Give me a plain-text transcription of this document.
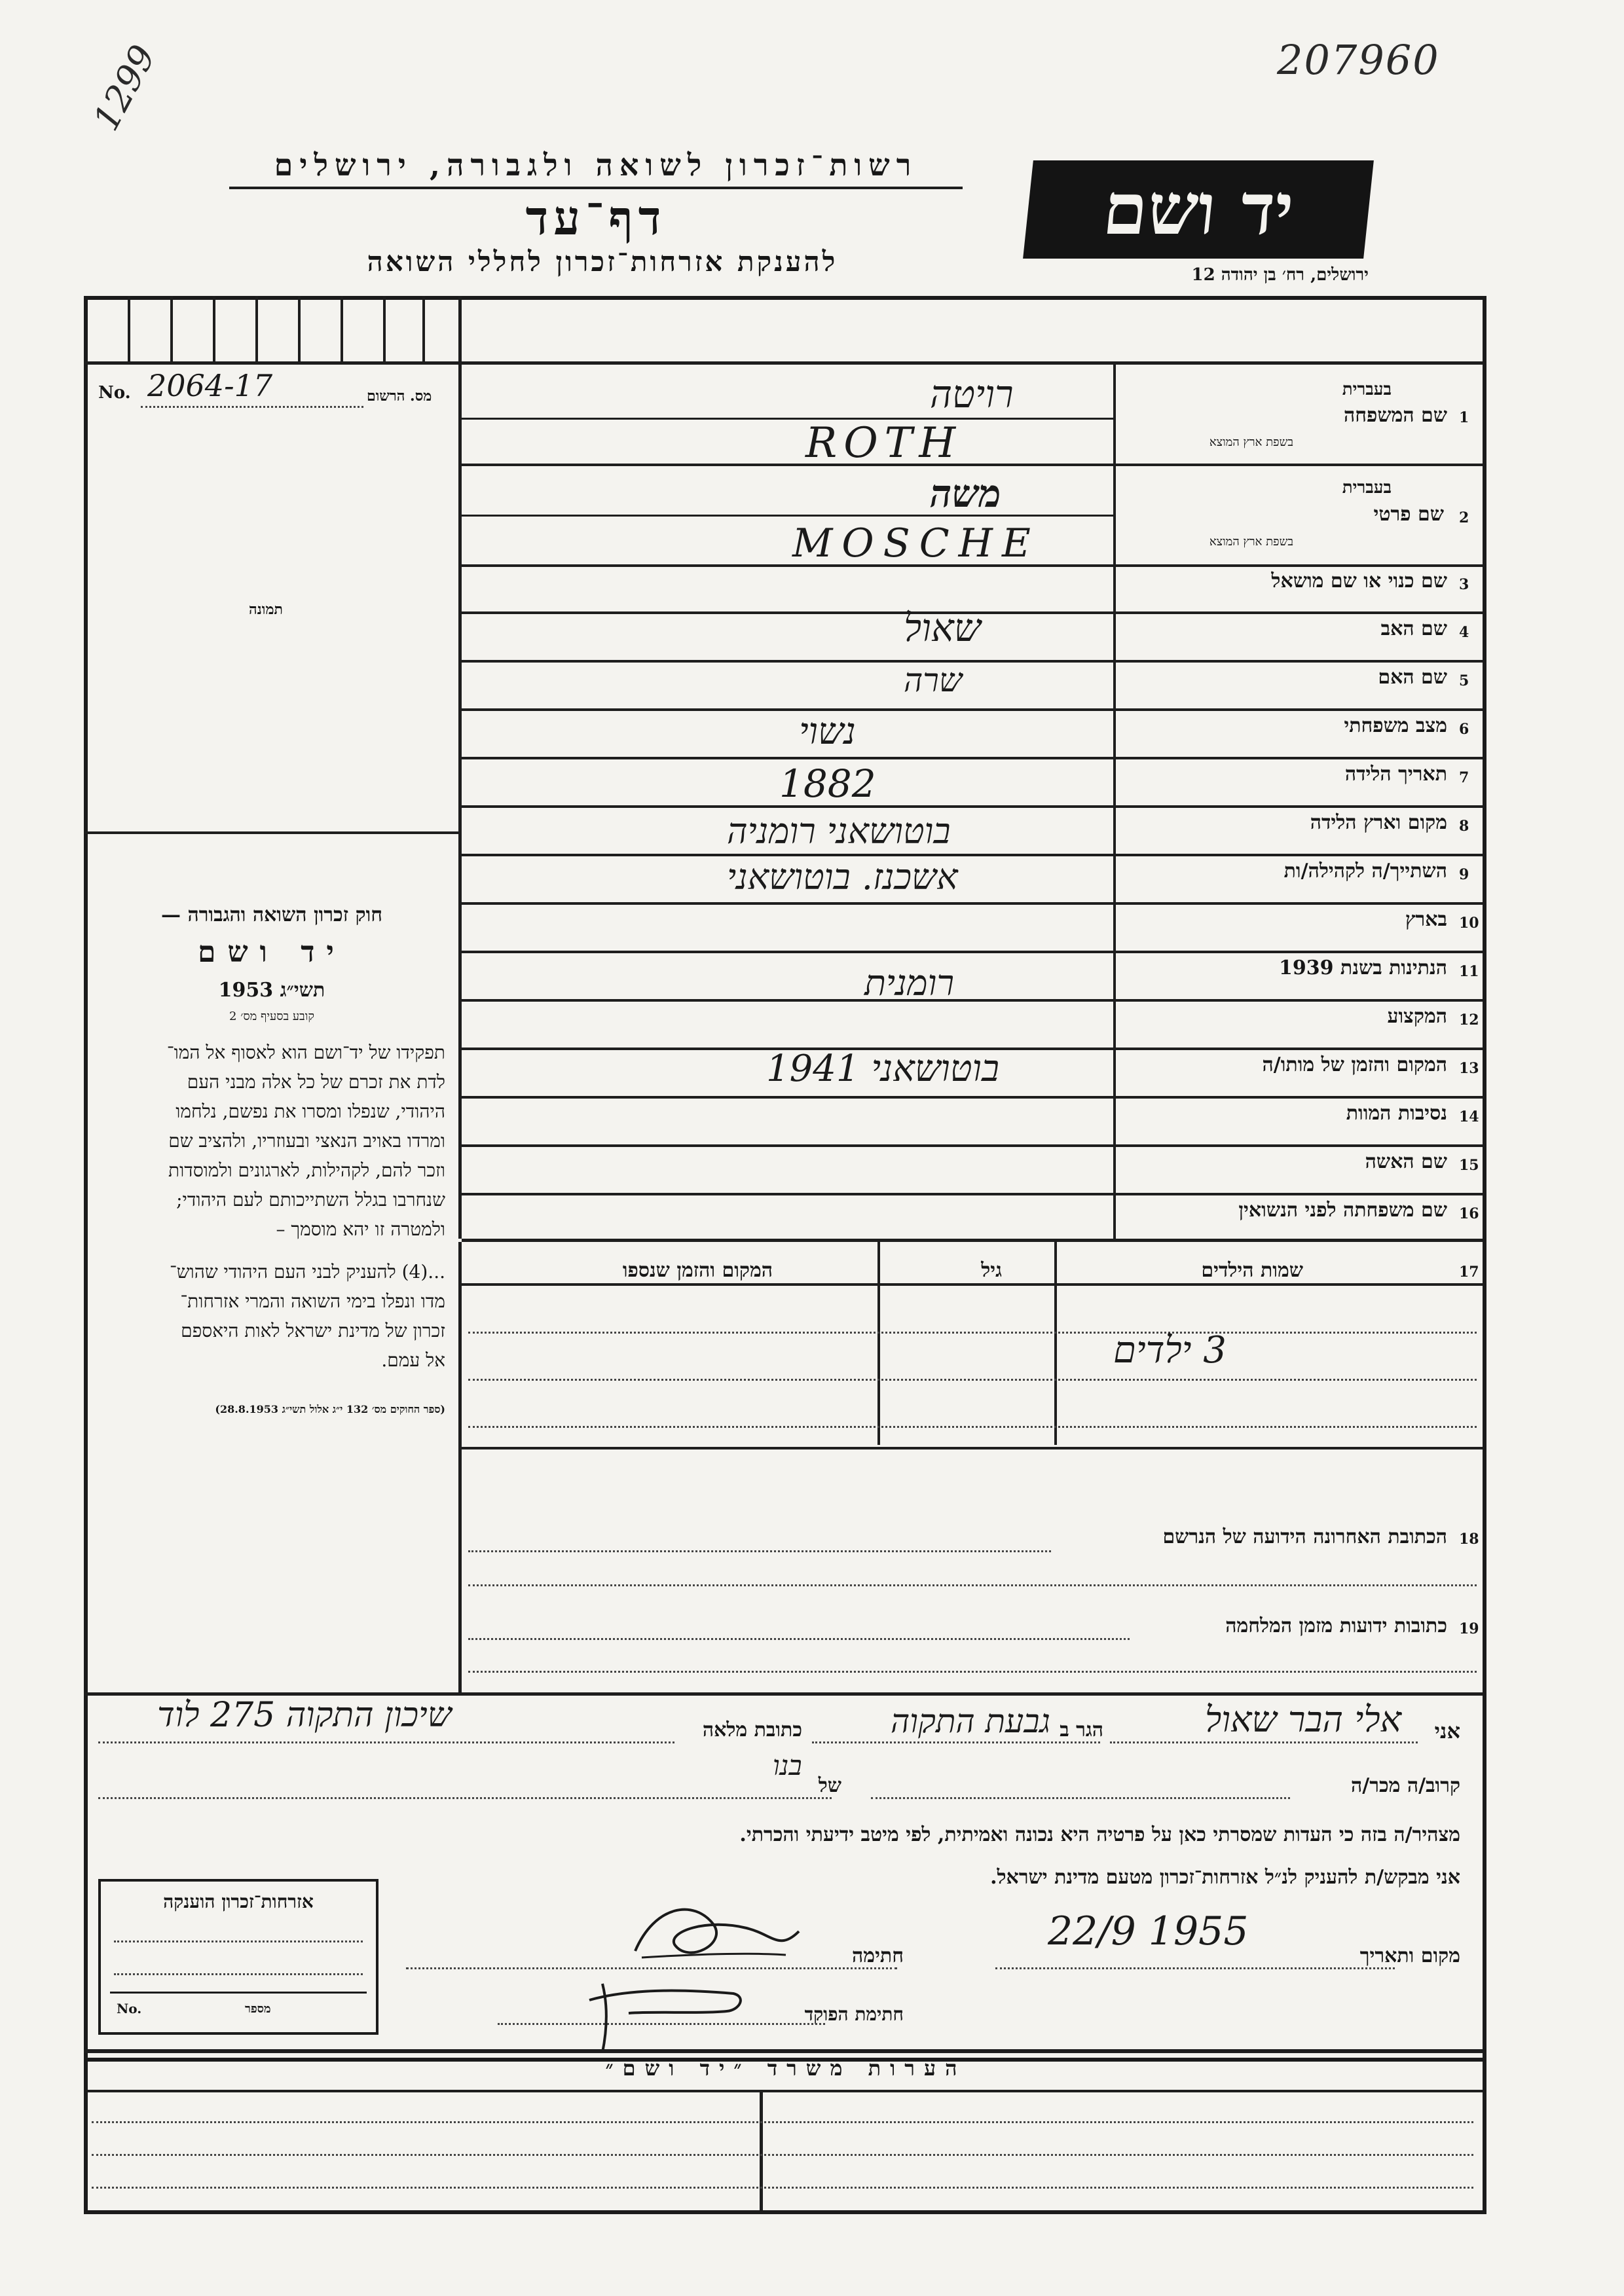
207960
1299
רשות־זכרון לשואה ולגבורה, ירושלים
דף־עד
להענקת אזרחות־זכרון לחללי השואה
יד ושם
ירושלים, רח׳ בן יהודה 12
No. 2064-17	מס. הרשום
תמונה
חוק זכרון השואה והגבורה —
יד ושם
תשי״ג 1953
קובע בסעיף מס׳ 2
תפקידו של יד־ושם הוא לאסוף אל המו־
לדת את זכרם של כל אלה מבני העם
היהודי, שנפלו ומסרו את נפשם, נלחמו
ומרדו באויב הנאצי ובעוזריו, ולהציב שם
וזכר להם, לקהילות, לארגונים ולמוסדות
שנחרבו בגלל השתייכותם לעם היהודי;
ולמטרה זו יהא מוסמך –
...(4) להעניק לבני העם היהודי שהוש־
מדו ונפלו בימי השואה והמרי אזרחות־
זכרון של מדינת ישראל לאות היאספם
אל עמם.
(ספר החוקים מס׳ 132 י״ג אלול תשי״ג 28.8.1953)
1
שם המשפחה
בעברית
בשפת ארץ המוצא
רויטה
ROTH
2
שם פרטי
בעברית
בשפת ארץ המוצא
משה
MOSCHE
3
שם כנוי או שם מושאל
4
שם האב
שאול
5
שם האם
שרה
6
מצב משפחתי
נשוי
7
תאריך הלידה
1882
8
מקום וארץ הלידה
בוטושאני רומניה
9
השתייך/ה לקהילה/ות
אשכנז. בוטושאני
10
בארץ
11
הנתינות בשנת 1939
רומנית
12
המקצוע
13
המקום והזמן של מותו/ה
בוטושאני 1941
14
נסיבות המוות
15
שם האשה
16
שם משפחתה לפני הנשואין
17
שמות הילדים
גיל
המקום והזמן שנספו
3 ילדים
18
הכתובת האחרונה הידועה של הנרשם
19
כתובות ידועות מזמן המלחמה
אני
אלי הבר שאול
הגר ב
גבעת התקוה
כתובת מלאה
שיכון התקוה 275 לוד
קרוב/ה מכר/ה
של
בנו
מצהיר/ה בזה כי העדות שמסרתי כאן על פרטיה היא נכונה ואמיתית, לפי מיטב ידיעתי והכרתי.
אני מבקש/ת להעניק לנ״ל אזרחות־זכרון מטעם מדינת ישראל.
מקום ותאריך
22/9 1955
חתימה
חתימת הפוקד
אזרחות־זכרון הוענקה
No.	מספר
הערות משרד ״יד ושם״
